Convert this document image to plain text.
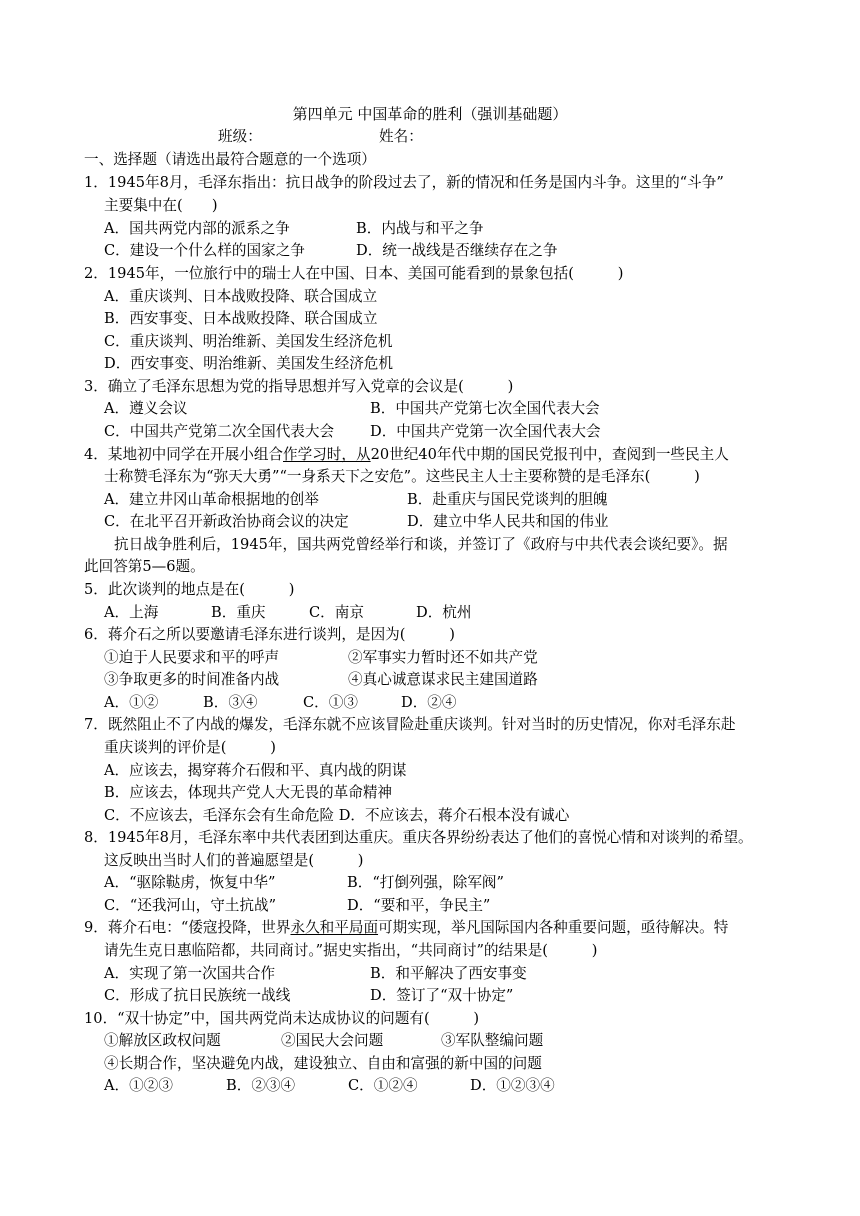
第四单元 中国革命的胜利（强训基础题）
班级：	姓名：
一、选择题（请选出最符合题意的一个选项）
1．1945年8月，毛泽东指出：抗日战争的阶段过去了，新的情况和任务是国内斗争。这里的“斗争”
主要集中在(　　)
A．国共两党内部的派系之争	B．内战与和平之争
C．建设一个什么样的国家之争	D．统一战线是否继续存在之争
2．1945年，一位旅行中的瑞士人在中国、日本、美国可能看到的景象包括(　　　)
A．重庆谈判、日本战败投降、联合国成立
B．西安事变、日本战败投降、联合国成立
C．重庆谈判、明治维新、美国发生经济危机
D．西安事变、明治维新、美国发生经济危机
3．确立了毛泽东思想为党的指导思想并写入党章的会议是(　　　)
A．遵义会议	B．中国共产党第七次全国代表大会
C．中国共产党第二次全国代表大会 D．中国共产党第一次全国代表大会
4．某地初中同学在开展小组合作学习时，从20世纪40年代中期的国民党报刊中，查阅到一些民主人
士称赞毛泽东为“弥天大勇”“一身系天下之安危”。这些民主人士主要称赞的是毛泽东(　　　)
A．建立井冈山革命根据地的创举	B．赴重庆与国民党谈判的胆魄
C．在北平召开新政治协商会议的决定	D．建立中华人民共和国的伟业
抗日战争胜利后，1945年，国共两党曾经举行和谈，并签订了《政府与中共代表会谈纪要》。据
此回答第5—6题。
5．此次谈判的地点是在(　　　)
A．上海	B．重庆	C．南京	D．杭州
6．蒋介石之所以要邀请毛泽东进行谈判，是因为(　　　)
①迫于人民要求和平的呼声	②军事实力暂时还不如共产党
③争取更多的时间准备内战	④真心诚意谋求民主建国道路
A．①②	B．③④	C．①③	D．②④
7．既然阻止不了内战的爆发，毛泽东就不应该冒险赴重庆谈判。针对当时的历史情况，你对毛泽东赴
重庆谈判的评价是(　　　)
A．应该去，揭穿蒋介石假和平、真内战的阴谋
B．应该去，体现共产党人大无畏的革命精神
C．不应该去，毛泽东会有生命危险 D．不应该去，蒋介石根本没有诚心
8．1945年8月，毛泽东率中共代表团到达重庆。重庆各界纷纷表达了他们的喜悦心情和对谈判的希望。
这反映出当时人们的普遍愿望是(　　　)
A．“驱除鞑虏，恢复中华”	B．“打倒列强，除军阀”
C．“还我河山，守土抗战”	D．“要和平，争民主”
9．蒋介石电：“倭寇投降，世界永久和平局面可期实现，举凡国际国内各种重要问题，亟待解决。特
请先生克日惠临陪都，共同商讨。”据史实指出，“共同商讨”的结果是(　　　)
A．实现了第一次国共合作	B．和平解决了西安事变
C．形成了抗日民族统一战线	D．签订了“双十协定”
10．“双十协定”中，国共两党尚未达成协议的问题有(　　　)
①解放区政权问题	②国民大会问题	③军队整编问题
④长期合作，坚决避免内战，建设独立、自由和富强的新中国的问题
A．①②③	B．②③④	C．①②④	D．①②③④
